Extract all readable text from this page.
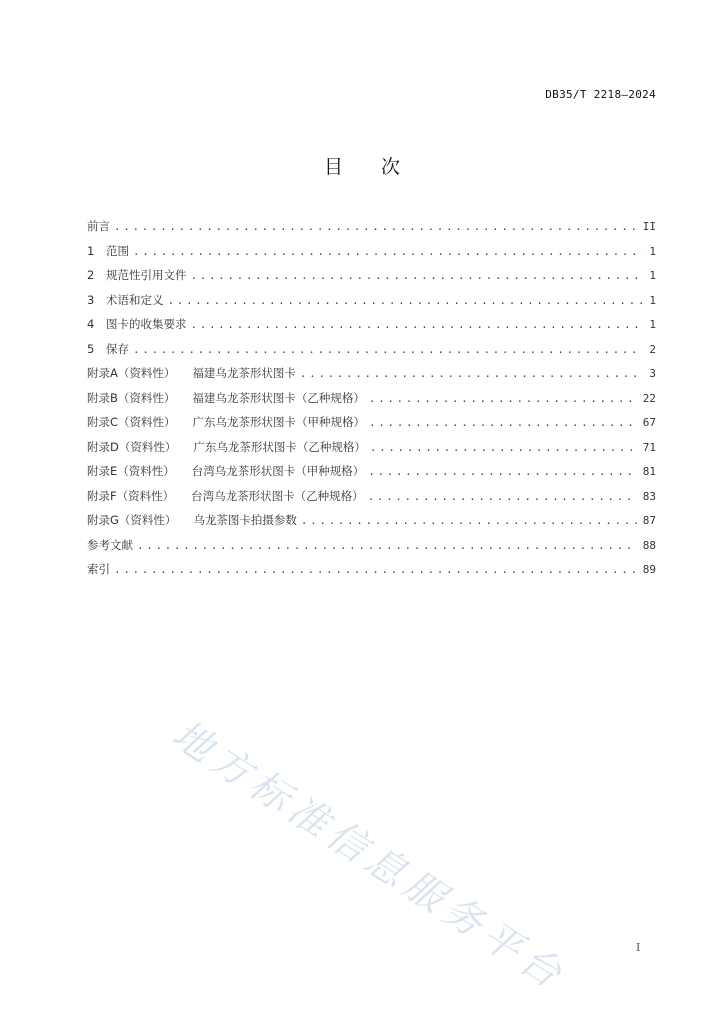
DB35/T 2218—2024
目 次
前言 .....	II
1	范围 .....	1
2	规范性引用文件 .....	1
3	术语和定义 .....	1
4	图卡的收集要求 .....	1
5	保存 .....	2
附录A（资料性） 福建乌龙茶形状图卡 .....	3
附录B（资料性） 福建乌龙茶形状图卡（乙种规格） .....	22
附录C（资料性） 广东乌龙茶形状图卡（甲种规格） .....	67
附录D（资料性） 广东乌龙茶形状图卡（乙种规格） .....	71
附录E（资料性） 台湾乌龙茶形状图卡（甲种规格） .....	81
附录F（资料性） 台湾乌龙茶形状图卡（乙种规格） .....	83
附录G（资料性） 乌龙茶图卡拍摄参数 .....	87
参考文献 .....	88
索引 .....	89
地方标准信息服务平台	I
